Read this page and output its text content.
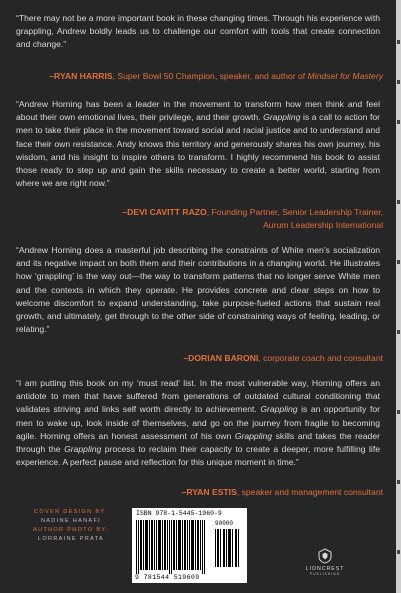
“There may not be a more important book in these changing times. Through his experience with grappling, Andrew boldly leads us to challenge our comfort with tools that create connection and change.”

–RYAN HARRIS, Super Bowl 50 Champion, speaker, and author of Mindset for Mastery

“Andrew Horning has been a leader in the movement to transform how men think and feel about their own emotional lives, their privilege, and their growth. Grappling is a call to action for men to take their place in the movement toward social and racial justice and to understand and face their own resistance. Andy knows this territory and generously shares his own journey, his wisdom, and his insight to inspire others to transform. I highly recommend his book to assist those ready to step up and gain the skills necessary to create a better world, starting from where we are right now.”

–DEVI CAVITT RAZO, Founding Partner, Senior Leadership Trainer,
Aurum Leadership International

“Andrew Horning does a masterful job describing the constraints of White men’s socialization and its negative impact on both them and their contributions in a changing world. He illustrates how ‘grappling’ is the way out—the way to transform patterns that no longer serve White men and the contexts in which they operate. He provides concrete and clear steps on how to welcome discomfort to expand understanding, take purpose-fueled actions that sustain real growth, and ultimately, get through to the other side of constraining ways of feeling, leading, or relating.”

–DORIAN BARONI, corporate coach and consultant

“I am putting this book on my ‘must read’ list. In the most vulnerable way, Horning offers an antidote to men that have suffered from generations of outdated cultural conditioning that validates striving and links self worth directly to achievement. Grappling is an opportunity for men to wake up, look inside of themselves, and go on the journey from fragile to becoming agile. Horning offers an honest assessment of his own Grappling skills and takes the reader through the Grappling process to reclaim their capacity to create a deeper, more fulfilling life experience. A perfect pause and reflection for this unique moment in time.”

–RYAN ESTIS, speaker and management consultant
COVER DESIGN BY:
NADINE HANAFI
AUTHOR PHOTO BY:
LORRAINE PRATA
ISBN 978-1-5445-1960-9
90000
9 781544 519609
LIONCREST
PUBLISHING
